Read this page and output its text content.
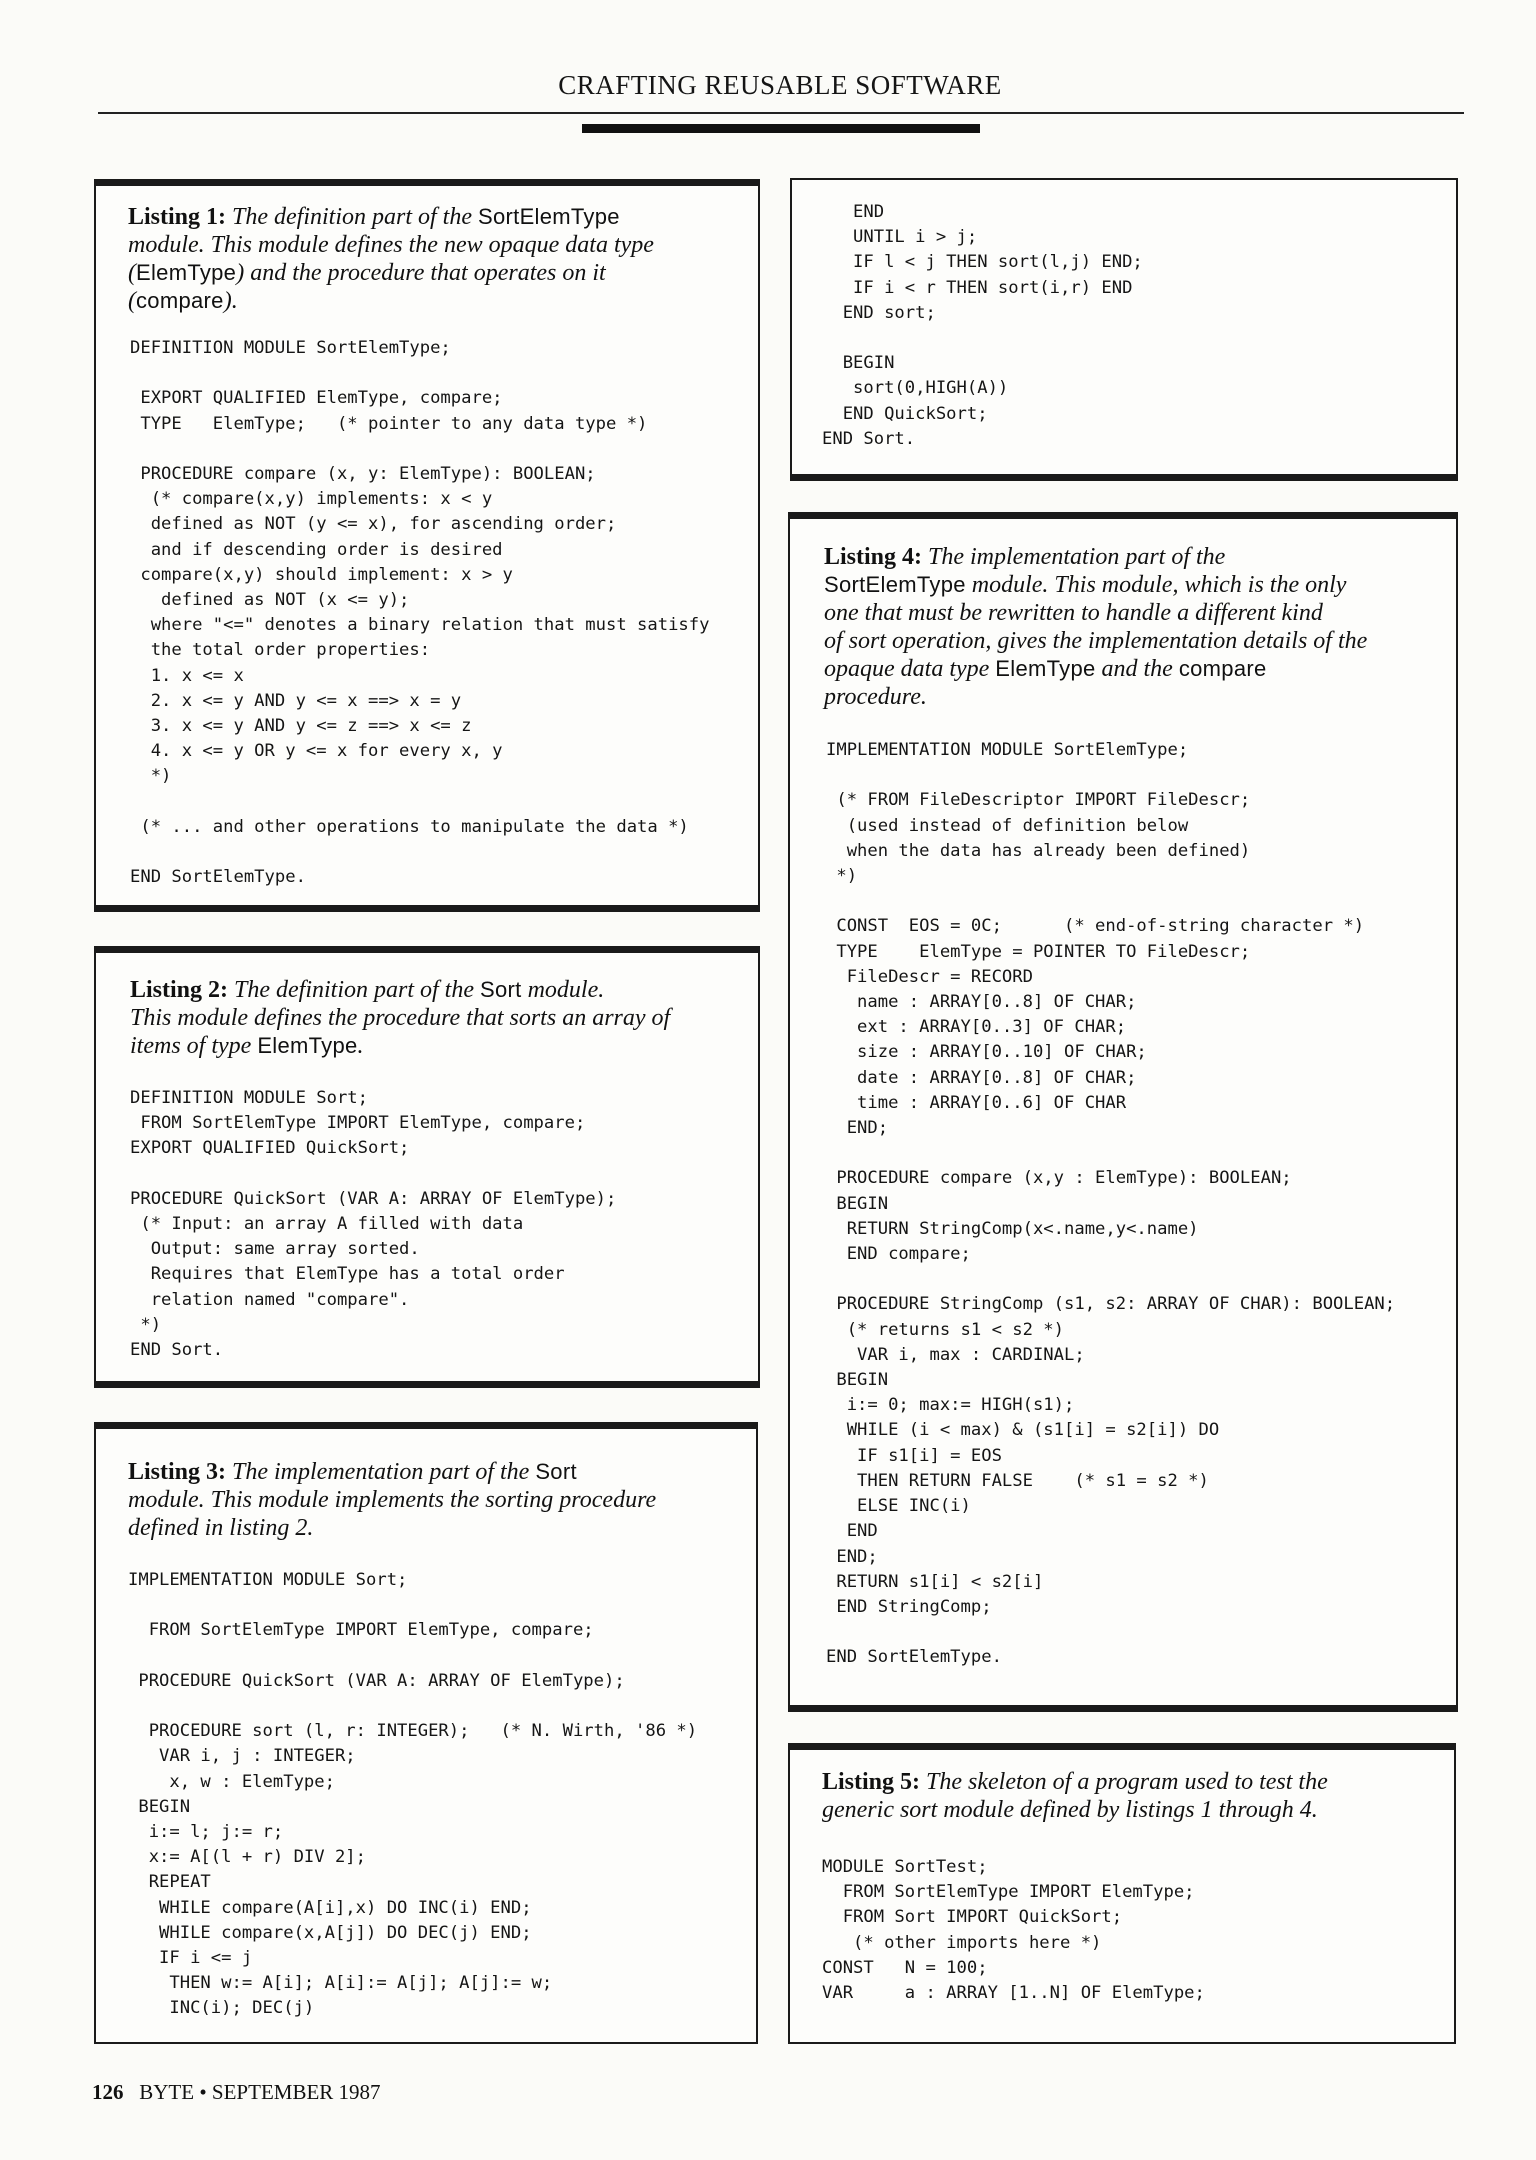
CRAFTING REUSABLE SOFTWARE
Listing 1: The definition part of the SortElemType
module. This module defines the new opaque data type
(ElemType) and the procedure that operates on it
(compare).
DEFINITION MODULE SortElemType;

EXPORT QUALIFIED ElemType, compare;
TYPE   ElemType;   (* pointer to any data type *)

PROCEDURE compare (x, y: ElemType): BOOLEAN;
(* compare(x,y) implements: x < y
defined as NOT (y <= x), for ascending order;
and if descending order is desired
compare(x,y) should implement: x > y
defined as NOT (x <= y);
where "<=" denotes a binary relation that must satisfy
the total order properties:
1. x <= x
2. x <= y AND y <= x ==> x = y
3. x <= y AND y <= z ==> x <= z
4. x <= y OR y <= x for every x, y
*)

(* ... and other operations to manipulate the data *)

END SortElemType.
Listing 2: The definition part of the Sort module.
This module defines the procedure that sorts an array of
items of type ElemType.
DEFINITION MODULE Sort;
FROM SortElemType IMPORT ElemType, compare;
EXPORT QUALIFIED QuickSort;

PROCEDURE QuickSort (VAR A: ARRAY OF ElemType);
(* Input: an array A filled with data
Output: same array sorted.
Requires that ElemType has a total order
relation named "compare".
*)
END Sort.
Listing 3: The implementation part of the Sort
module. This module implements the sorting procedure
defined in listing 2.
IMPLEMENTATION MODULE Sort;

FROM SortElemType IMPORT ElemType, compare;

PROCEDURE QuickSort (VAR A: ARRAY OF ElemType);

PROCEDURE sort (l, r: INTEGER);   (* N. Wirth, '86 *)
VAR i, j : INTEGER;
x, w : ElemType;
BEGIN
i:= l; j:= r;
x:= A[(l + r) DIV 2];
REPEAT
WHILE compare(A[i],x) DO INC(i) END;
WHILE compare(x,A[j]) DO DEC(j) END;
IF i <= j
THEN w:= A[i]; A[i]:= A[j]; A[j]:= w;
INC(i); DEC(j)
END
UNTIL i > j;
IF l < j THEN sort(l,j) END;
IF i < r THEN sort(i,r) END
END sort;

BEGIN
sort(0,HIGH(A))
END QuickSort;
END Sort.
Listing 4: The implementation part of the
SortElemType module. This module, which is the only
one that must be rewritten to handle a different kind
of sort operation, gives the implementation details of the
opaque data type ElemType and the compare
procedure.
IMPLEMENTATION MODULE SortElemType;

(* FROM FileDescriptor IMPORT FileDescr;
(used instead of definition below
when the data has already been defined)
*)

CONST  EOS = 0C;      (* end-of-string character *)
TYPE    ElemType = POINTER TO FileDescr;
FileDescr = RECORD
name : ARRAY[0..8] OF CHAR;
ext : ARRAY[0..3] OF CHAR;
size : ARRAY[0..10] OF CHAR;
date : ARRAY[0..8] OF CHAR;
time : ARRAY[0..6] OF CHAR
END;

PROCEDURE compare (x,y : ElemType): BOOLEAN;
BEGIN
RETURN StringComp(x<.name,y<.name)
END compare;

PROCEDURE StringComp (s1, s2: ARRAY OF CHAR): BOOLEAN;
(* returns s1 < s2 *)
VAR i, max : CARDINAL;
BEGIN
i:= 0; max:= HIGH(s1);
WHILE (i < max) & (s1[i] = s2[i]) DO
IF s1[i] = EOS
THEN RETURN FALSE    (* s1 = s2 *)
ELSE INC(i)
END
END;
RETURN s1[i] < s2[i]
END StringComp;

END SortElemType.
Listing 5: The skeleton of a program used to test the
generic sort module defined by listings 1 through 4.
MODULE SortTest;
FROM SortElemType IMPORT ElemType;
FROM Sort IMPORT QuickSort;
(* other imports here *)
CONST   N = 100;
VAR     a : ARRAY [1..N] OF ElemType;
126 BYTE • SEPTEMBER 1987
